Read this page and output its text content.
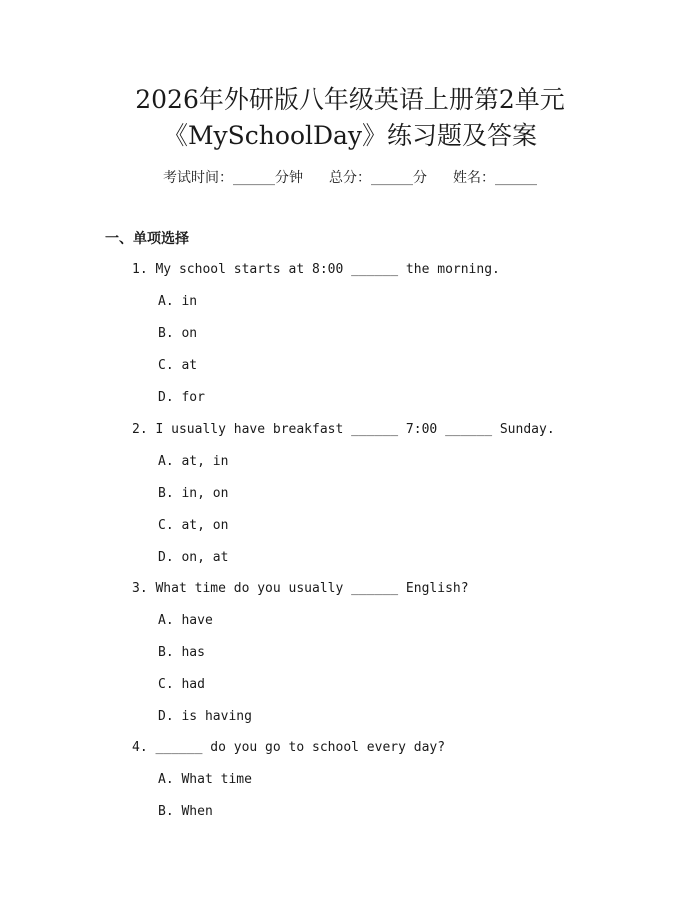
2026年外研版八年级英语上册第2单元
《MySchoolDay》练习题及答案
考试时间：______分钟 总分：______分 姓名：______
一、单项选择
1. My school starts at 8:00 ______ the morning.
A. in
B. on
C. at
D. for
2. I usually have breakfast ______ 7:00 ______ Sunday.
A. at, in
B. in, on
C. at, on
D. on, at
3. What time do you usually ______ English?
A. have
B. has
C. had
D. is having
4. ______ do you go to school every day?
A. What time
B. When
